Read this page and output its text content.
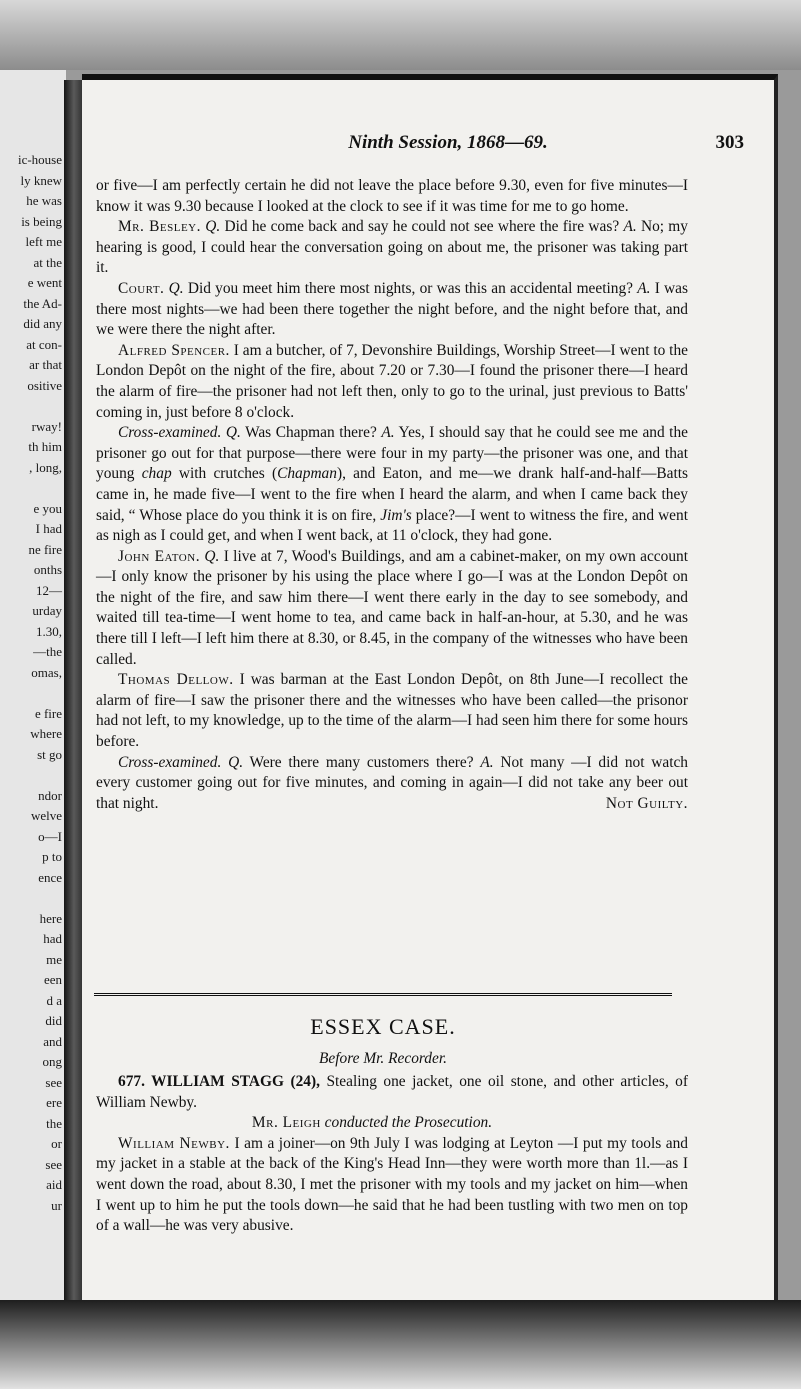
ic-house
ly knew
he was
is being
left me
at the
e went
the Ad-
did any
at con-
ar that
ositive
rway!
th him
, long,
e you
I had
ne fire
onths
12—
urday
1.30,
—the
omas,
e fire
where
st go
ndor
welve
o—I
p to
ence
here
had
me
een
d a
did
and
ong
see
ere
the
or
see
aid
ur
Ninth Session, 1868—69.	303

or five—I am perfectly certain he did not leave the place before 9.30, even for five minutes—I know it was 9.30 because I looked at the clock to see if it was time for me to go home.

Mr. Besley. Q. Did he come back and say he could not see where the fire was? A. No; my hearing is good, I could hear the conversation going on about me, the prisoner was taking part it.

Court. Q. Did you meet him there most nights, or was this an accidental meeting? A. I was there most nights—we had been there together the night before, and the night before that, and we were there the night after.

Alfred Spencer. I am a butcher, of 7, Devonshire Buildings, Worship Street—I went to the London Depôt on the night of the fire, about 7.20 or 7.30—I found the prisoner there—I heard the alarm of fire—the prisoner had not left then, only to go to the urinal, just previous to Batts' coming in, just before 8 o'clock.

Cross-examined. Q. Was Chapman there? A. Yes, I should say that he could see me and the prisoner go out for that purpose—there were four in my party—the prisoner was one, and that young chap with crutches (Chapman), and Eaton, and me—we drank half-and-half—Batts came in, he made five—I went to the fire when I heard the alarm, and when I came back they said, “ Whose place do you think it is on fire, Jim's place?—I went to witness the fire, and went as nigh as I could get, and when I went back, at 11 o'clock, they had gone.

John Eaton. Q. I live at 7, Wood's Buildings, and am a cabinet-maker, on my own account—I only know the prisoner by his using the place where I go—I was at the London Depôt on the night of the fire, and saw him there—I went there early in the day to see somebody, and waited till tea-time—I went home to tea, and came back in half-an-hour, at 5.30, and he was there till I left—I left him there at 8.30, or 8.45, in the company of the witnesses who have been called.

Thomas Dellow. I was barman at the East London Depôt, on 8th June—I recollect the alarm of fire—I saw the prisoner there and the witnesses who have been called—the prisonor had not left, to my knowledge, up to the time of the alarm—I had seen him there for some hours before.

Cross-examined. Q. Were there many customers there? A. Not many —I did not watch every customer going out for five minutes, and coming in again—I did not take any beer out that night.	Not Guilty.

ESSEX CASE.
Before Mr. Recorder.

677. WILLIAM STAGG (24), Stealing one jacket, one oil stone, and other articles, of William Newby.

Mr. Leigh conducted the Prosecution.

William Newby. I am a joiner—on 9th July I was lodging at Leyton —I put my tools and my jacket in a stable at the back of the King's Head Inn—they were worth more than 1l.—as I went down the road, about 8.30, I met the prisoner with my tools and my jacket on him—when I went up to him he put the tools down—he said that he had been tustling with two men on top of a wall—he was very abusive.
